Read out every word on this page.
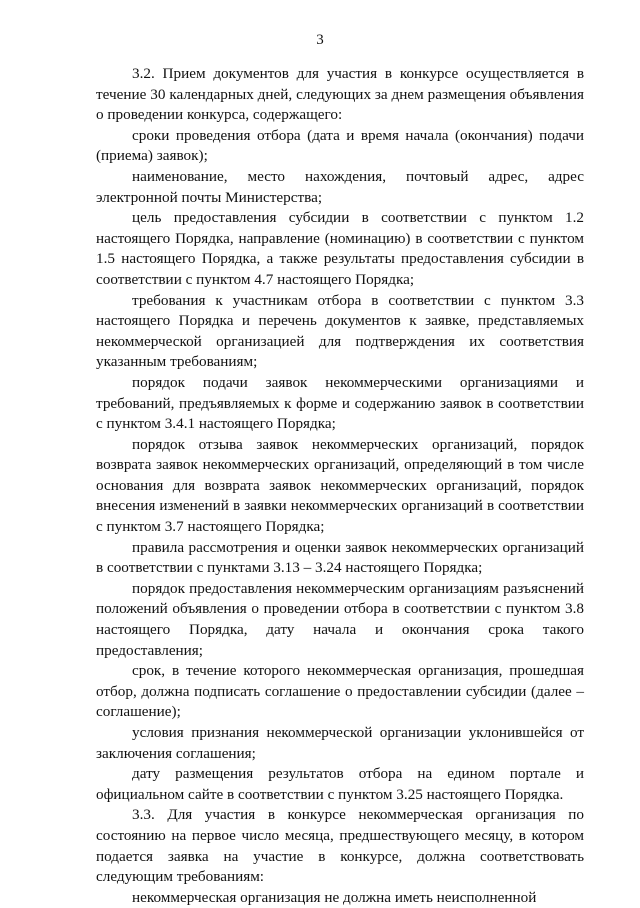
3

3.2. Прием документов для участия в конкурсе осуществляется в течение 30 календарных дней, следующих за днем размещения объявления о проведении конкурса, содержащего:

сроки проведения отбора (дата и время начала (окончания) подачи (приема) заявок);

наименование, место нахождения, почтовый адрес, адрес электронной почты Министерства;

цель предоставления субсидии в соответствии с пунктом 1.2 настоящего Порядка, направление (номинацию) в соответствии с пунктом 1.5 настоящего Порядка, а также результаты предоставления субсидии в соответствии с пунктом 4.7 настоящего Порядка;

требования к участникам отбора в соответствии с пунктом 3.3 настоящего Порядка и перечень документов к заявке, представляемых некоммерческой организацией для подтверждения их соответствия указанным требованиям;

порядок подачи заявок некоммерческими организациями и требований, предъявляемых к форме и содержанию заявок в соответствии с пунктом 3.4.1 настоящего Порядка;

порядок отзыва заявок некоммерческих организаций, порядок возврата заявок некоммерческих организаций, определяющий в том числе основания для возврата заявок некоммерческих организаций, порядок внесения изменений в заявки некоммерческих организаций в соответствии с пунктом 3.7 настоящего Порядка;

правила рассмотрения и оценки заявок некоммерческих организаций в соответствии с пунктами 3.13 – 3.24 настоящего Порядка;

порядок предоставления некоммерческим организациям разъяснений положений объявления о проведении отбора в соответствии с пунктом 3.8 настоящего Порядка, дату начала и окончания срока такого предоставления;

срок, в течение которого некоммерческая организация, прошедшая отбор, должна подписать соглашение о предоставлении субсидии (далее – соглашение);

условия признания некоммерческой организации уклонившейся от заключения соглашения;

дату размещения результатов отбора на едином портале и официальном сайте в соответствии с пунктом 3.25 настоящего Порядка.

3.3. Для участия в конкурсе некоммерческая организация по состоянию на первое число месяца, предшествующего месяцу, в котором подается заявка на участие в конкурсе, должна соответствовать следующим требованиям:

некоммерческая организация не должна иметь неисполненной
